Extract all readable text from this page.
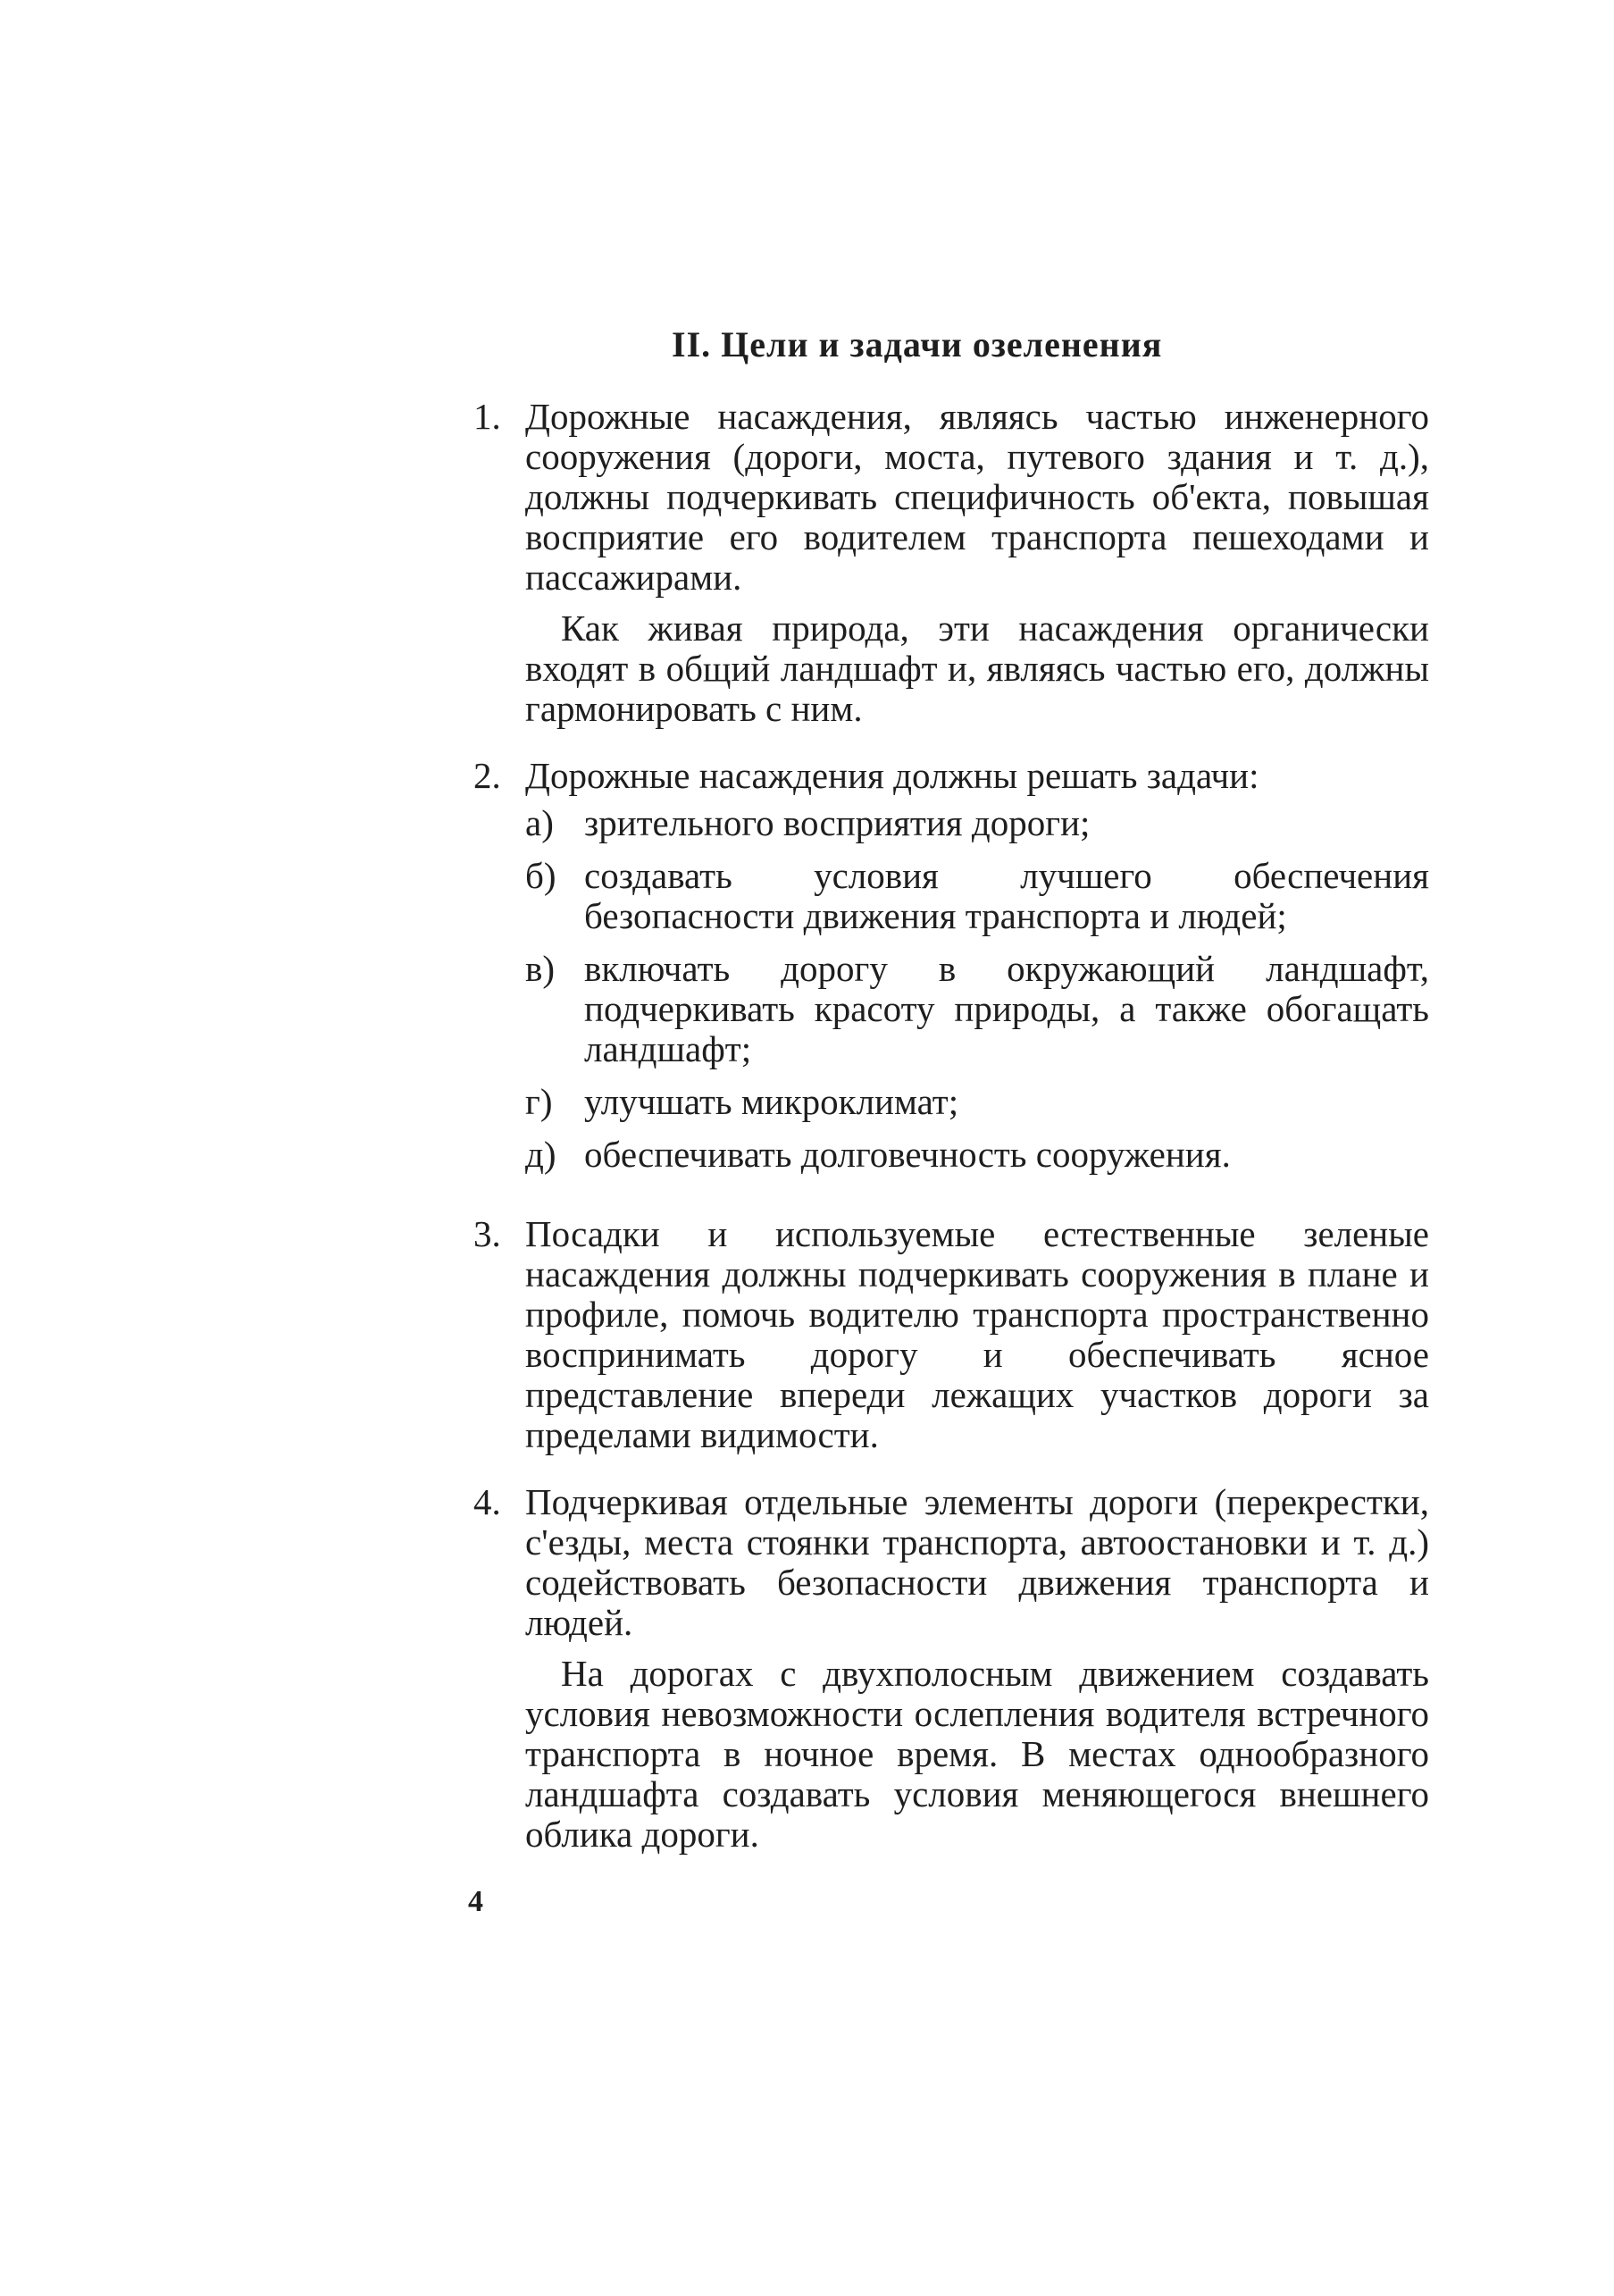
II. Цели и задачи озеленения
1. Дорожные насаждения, являясь частью инженерного сооружения (дороги, моста, путевого здания и т. д.), должны подчеркивать специфичность об'екта, повышая восприятие его водителем транспорта пешеходами и пассажирами.

Как живая природа, эти насаждения органически входят в общий ландшафт и, являясь частью его, должны гармонировать с ним.

2. Дорожные насаждения должны решать задачи:

а) зрительного восприятия дороги;
б) создавать условия лучшего обеспечения безопасности движения транспорта и людей;
в) включать дорогу в окружающий ландшафт, подчеркивать красоту природы, а также обогащать ландшафт;
г) улучшать микроклимат;
д) обеспечивать долговечность сооружения.
3. Посадки и используемые естественные зеленые насаждения должны подчеркивать сооружения в плане и профиле, помочь водителю транспорта пространственно воспринимать дорогу и обеспечивать ясное представление впереди лежащих участков дороги за пределами видимости.

4. Подчеркивая отдельные элементы дороги (перекрестки, с'езды, места стоянки транспорта, автоостановки и т. д.) содействовать безопасности движения транспорта и людей.

На дорогах с двухполосным движением создавать условия невозможности ослепления водителя встречного транспорта в ночное время. В местах однообразного ландшафта создавать условия меняющегося внешнего облика дороги.

4
